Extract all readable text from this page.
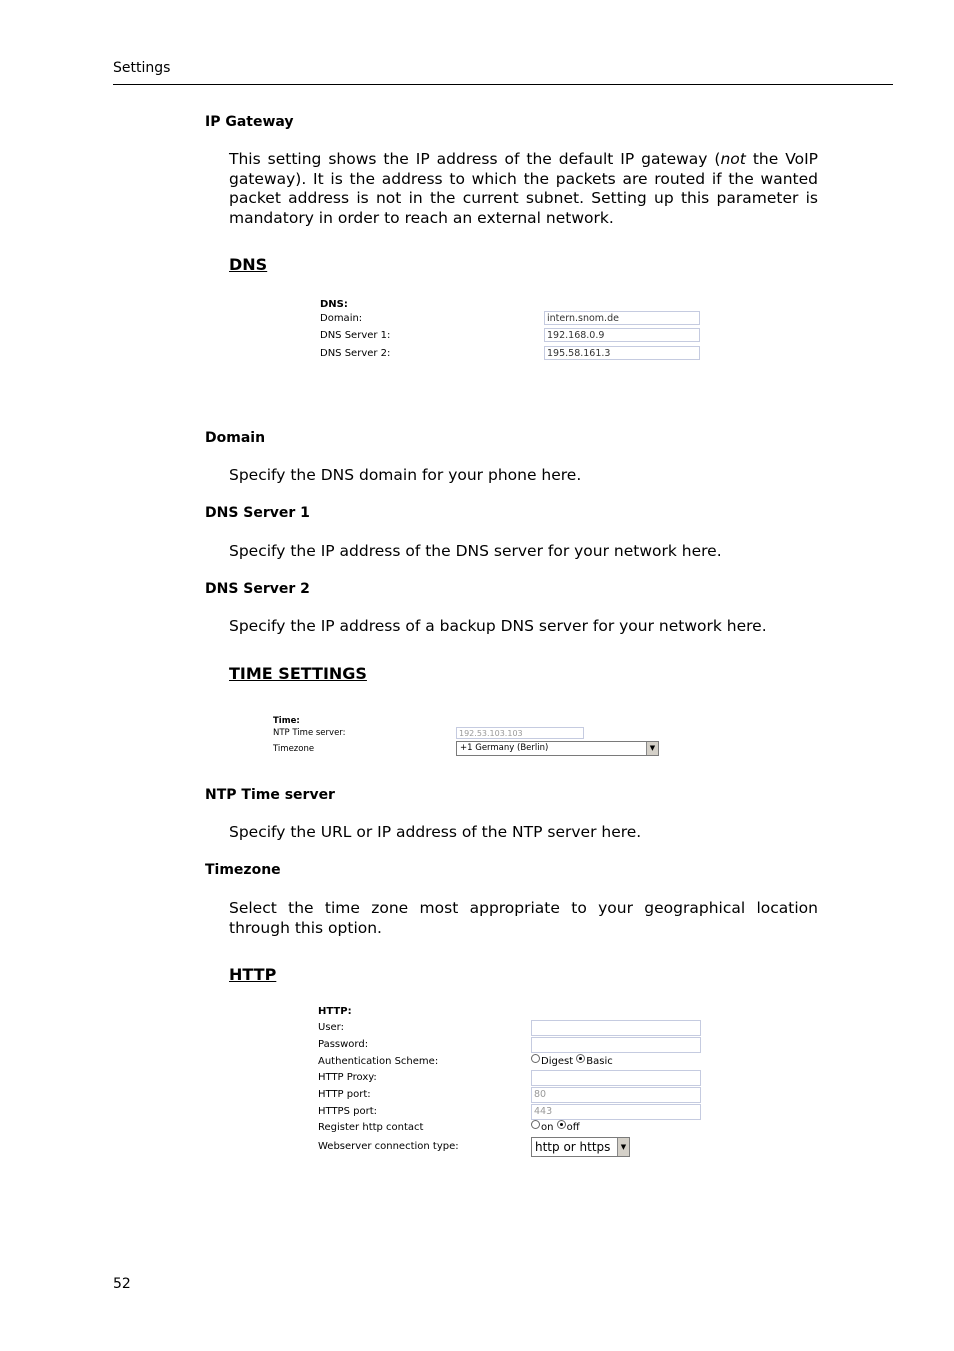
Settings
IP Gateway
This setting shows the IP address of the default IP gateway (not the VoIP gateway). It is the address to which the packets are routed if the wanted packet address is not in the current subnet. Setting up this parameter is mandatory in order to reach an external network.
DNS
DNS:
Domain:	intern.snom.de
DNS Server 1:	192.168.0.9
DNS Server 2:	195.58.161.3
Domain
Specify the DNS domain for your phone here.
DNS Server 1
Specify the IP address of the DNS server for your network here.
DNS Server 2
Specify the IP address of a backup DNS server for your network here.
TIME SETTINGS
Time:
NTP Time server:	192.53.103.103
Timezone	+1 Germany (Berlin)	▼
NTP Time server
Specify the URL or IP address of the NTP server here.
Timezone
Select the time zone most appropriate to your geographical location through this option.
HTTP
HTTP:
User:
Password:
Authentication Scheme:	Digest Basic
HTTP Proxy:
HTTP port:	80
HTTPS port:	443
Register http contact	on off
Webserver connection type:	http or https	▼
52
